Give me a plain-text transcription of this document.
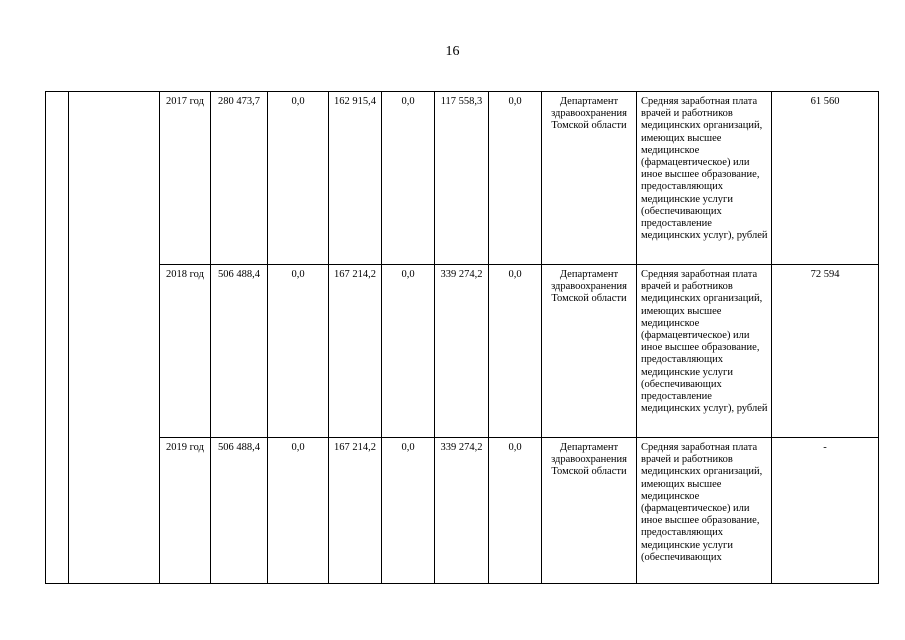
16
		2017 год	280 473,7	0,0	162 915,4	0,0	117 558,3	0,0	Департамент здравоохранения Томской области	Средняя заработная плата врачей и работников медицинских организаций, имеющих высшее медицинское (фармацевтическое) или иное высшее образование, предоставляющих медицинские услуги (обеспечивающих предоставление медицинских услуг), рублей	61 560
		2018 год	506 488,4	0,0	167 214,2	0,0	339 274,2	0,0	Департамент здравоохранения Томской области	Средняя заработная плата врачей и работников медицинских организаций, имеющих высшее медицинское (фармацевтическое) или иное высшее образование, предоставляющих медицинские услуги (обеспечивающих предоставление медицинских услуг), рублей	72 594
		2019 год	506 488,4	0,0	167 214,2	0,0	339 274,2	0,0	Департамент здравоохранения Томской области	Средняя заработная плата врачей и работников медицинских организаций, имеющих высшее медицинское (фармацевтическое) или иное высшее образование, предоставляющих медицинские услуги (обеспечивающих	-
